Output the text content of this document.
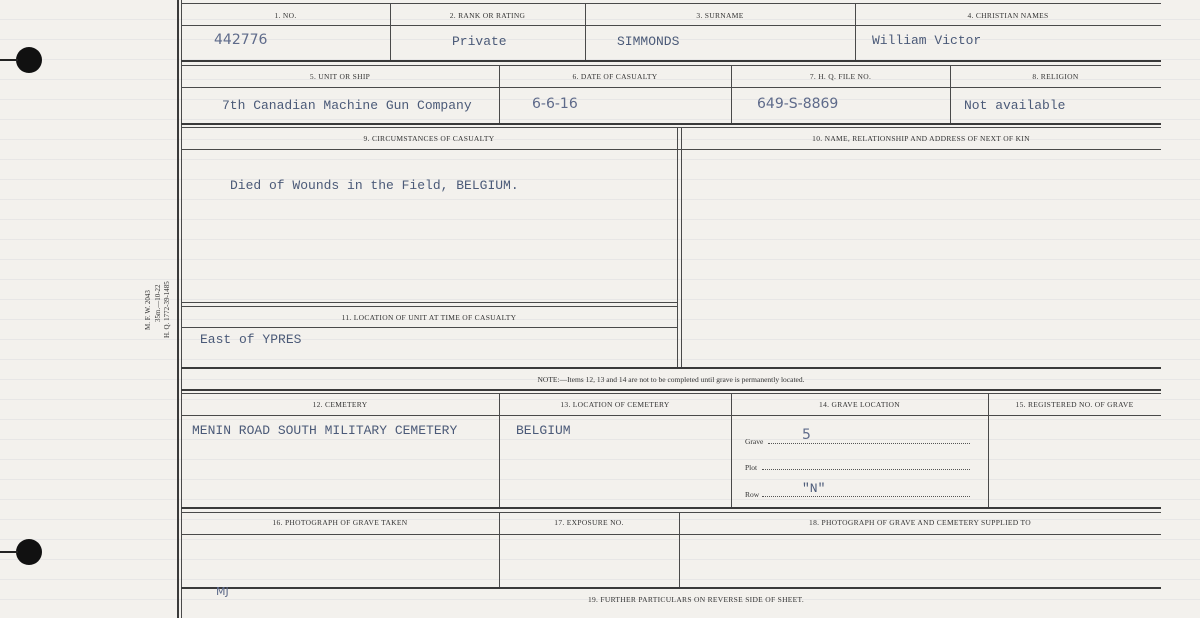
M. F. W. 2043 35m.—10-22 H. Q. 1772-39-1485
1. NO.	2. RANK OR RATING	3. SURNAME	4. CHRISTIAN NAMES
442776	Private	SIMMONDS	William Victor
5. UNIT OR SHIP	6. DATE OF CASUALTY	7. H. Q. FILE NO.	8. RELIGION
7th Canadian Machine Gun Company	6-6-16	649-S-8869	Not available
9. CIRCUMSTANCES OF CASUALTY	10. NAME, RELATIONSHIP AND ADDRESS OF NEXT OF KIN
Died of Wounds in the Field, BELGIUM.
11. LOCATION OF UNIT AT TIME OF CASUALTY
East of YPRES
NOTE:—Items 12, 13 and 14 are not to be completed until grave is permanently located.
12. CEMETERY	13. LOCATION OF CEMETERY	14. GRAVE LOCATION	15. REGISTERED NO. OF GRAVE
MENIN ROAD SOUTH MILITARY CEMETERY	BELGIUM
Grave	5
Plot
Row	"N"
16. PHOTOGRAPH OF GRAVE TAKEN	17. EXPOSURE NO.	18. PHOTOGRAPH OF GRAVE AND CEMETERY SUPPLIED TO
MJ
19. FURTHER PARTICULARS ON REVERSE SIDE OF SHEET.
